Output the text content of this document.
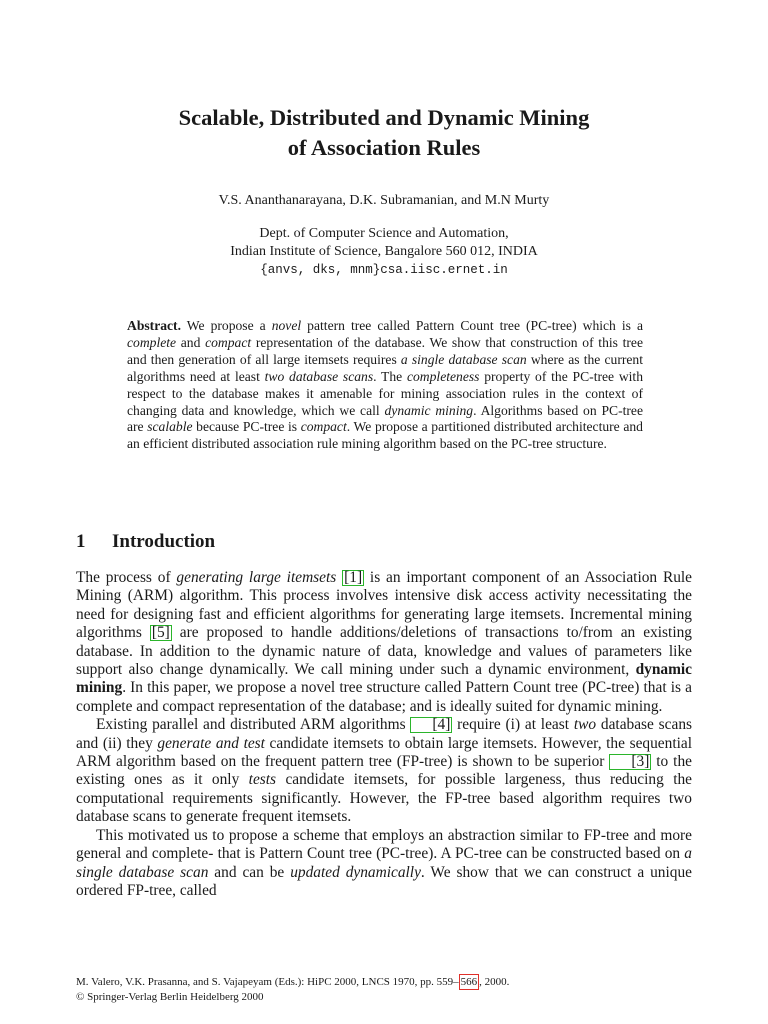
Scalable, Distributed and Dynamic Mining
of Association Rules
V.S. Ananthanarayana, D.K. Subramanian, and M.N Murty
Dept. of Computer Science and Automation,
Indian Institute of Science, Bangalore 560 012, INDIA
{anvs, dks, mnm}csa.iisc.ernet.in
Abstract. We propose a novel pattern tree called Pattern Count tree (PC-tree) which is a complete and compact representation of the database. We show that construction of this tree and then generation of all large itemsets requires a single database scan where as the current algorithms need at least two database scans. The completeness property of the PC-tree with respect to the database makes it amenable for mining association rules in the context of changing data and knowledge, which we call dynamic mining. Algorithms based on PC-tree are scalable because PC-tree is compact. We propose a partitioned distributed architecture and an efficient distributed association rule mining algorithm based on the PC-tree structure.
1 Introduction

The process of generating large itemsets [1] is an important component of an Association Rule Mining (ARM) algorithm. This process involves intensive disk access activity necessitating the need for designing fast and efficient algorithms for generating large itemsets. Incremental mining algorithms [5] are proposed to handle additions/deletions of transactions to/from an existing database. In addition to the dynamic nature of data, knowledge and values of parameters like support also change dynamically. We call mining under such a dynamic environment, dynamic mining. In this paper, we propose a novel tree structure called Pattern Count tree (PC-tree) that is a complete and compact representation of the database; and is ideally suited for dynamic mining.

Existing parallel and distributed ARM algorithms [4] require (i) at least two database scans and (ii) they generate and test candidate itemsets to obtain large itemsets. However, the sequential ARM algorithm based on the frequent pattern tree (FP-tree) is shown to be superior [3] to the existing ones as it only tests candidate itemsets, for possible largeness, thus reducing the computational requirements significantly. However, the FP-tree based algorithm requires two database scans to generate frequent itemsets.

This motivated us to propose a scheme that employs an abstraction similar to FP-tree and more general and complete- that is Pattern Count tree (PC-tree). A PC-tree can be constructed based on a single database scan and can be updated dynamically. We show that we can construct a unique ordered FP-tree, called

M. Valero, V.K. Prasanna, and S. Vajapeyam (Eds.): HiPC 2000, LNCS 1970, pp. 559– 566 , 2000.
© Springer-Verlag Berlin Heidelberg 2000
